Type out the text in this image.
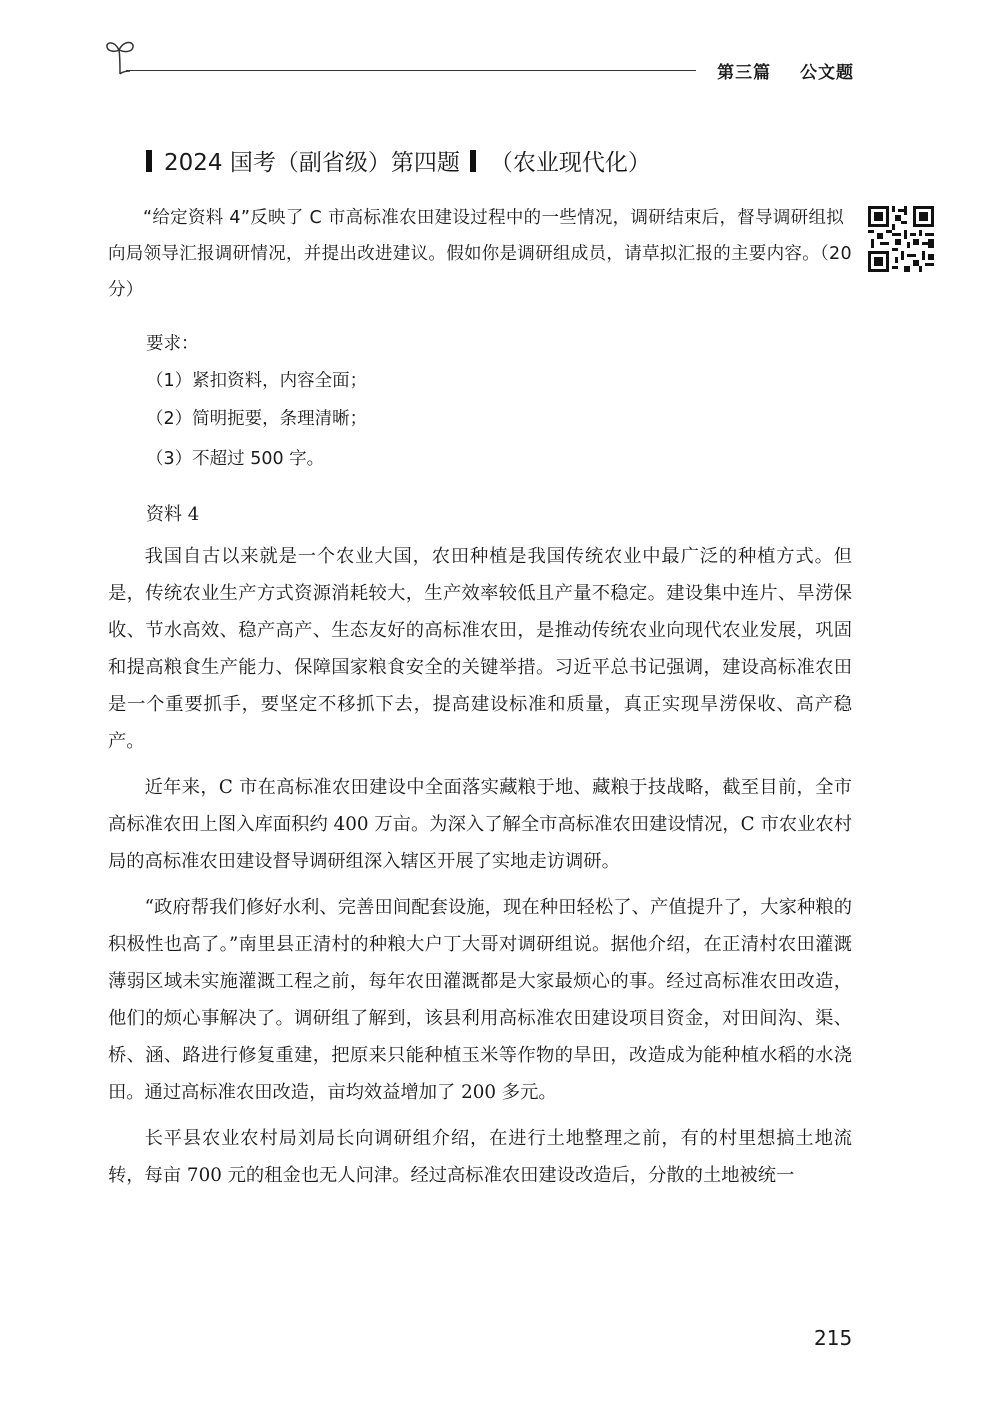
第三篇 公文题
2024 国考（副省级）第四题 （农业现代化）

“给定资料 4”反映了 C 市高标准农田建设过程中的一些情况，调研结束后，督导调研组拟向局领导汇报调研情况，并提出改进建议。假如你是调研组成员，请草拟汇报的主要内容。（20 分）

要求：
（1）紧扣资料，内容全面；
（2）简明扼要，条理清晰；
（3）不超过 500 字。
资料 4

我国自古以来就是一个农业大国，农田种植是我国传统农业中最广泛的种植方式。但是，传统农业生产方式资源消耗较大，生产效率较低且产量不稳定。建设集中连片、旱涝保收、节水高效、稳产高产、生态友好的高标准农田，是推动传统农业向现代农业发展，巩固和提高粮食生产能力、保障国家粮食安全的关键举措。习近平总书记强调，建设高标准农田是一个重要抓手，要坚定不移抓下去，提高建设标准和质量，真正实现旱涝保收、高产稳产。

近年来，C 市在高标准农田建设中全面落实藏粮于地、藏粮于技战略，截至目前，全市高标准农田上图入库面积约 400 万亩。为深入了解全市高标准农田建设情况，C 市农业农村局的高标准农田建设督导调研组深入辖区开展了实地走访调研。

“政府帮我们修好水利、完善田间配套设施，现在种田轻松了、产值提升了，大家种粮的积极性也高了。”南里县正清村的种粮大户丁大哥对调研组说。据他介绍，在正清村农田灌溉薄弱区域未实施灌溉工程之前，每年农田灌溉都是大家最烦心的事。经过高标准农田改造，他们的烦心事解决了。调研组了解到，该县利用高标准农田建设项目资金，对田间沟、渠、桥、涵、路进行修复重建，把原来只能种植玉米等作物的旱田，改造成为能种植水稻的水浇田。通过高标准农田改造，亩均效益增加了 200 多元。

长平县农业农村局刘局长向调研组介绍，在进行土地整理之前，有的村里想搞土地流转，每亩 700 元的租金也无人问津。经过高标准农田建设改造后，分散的土地被统一

215
